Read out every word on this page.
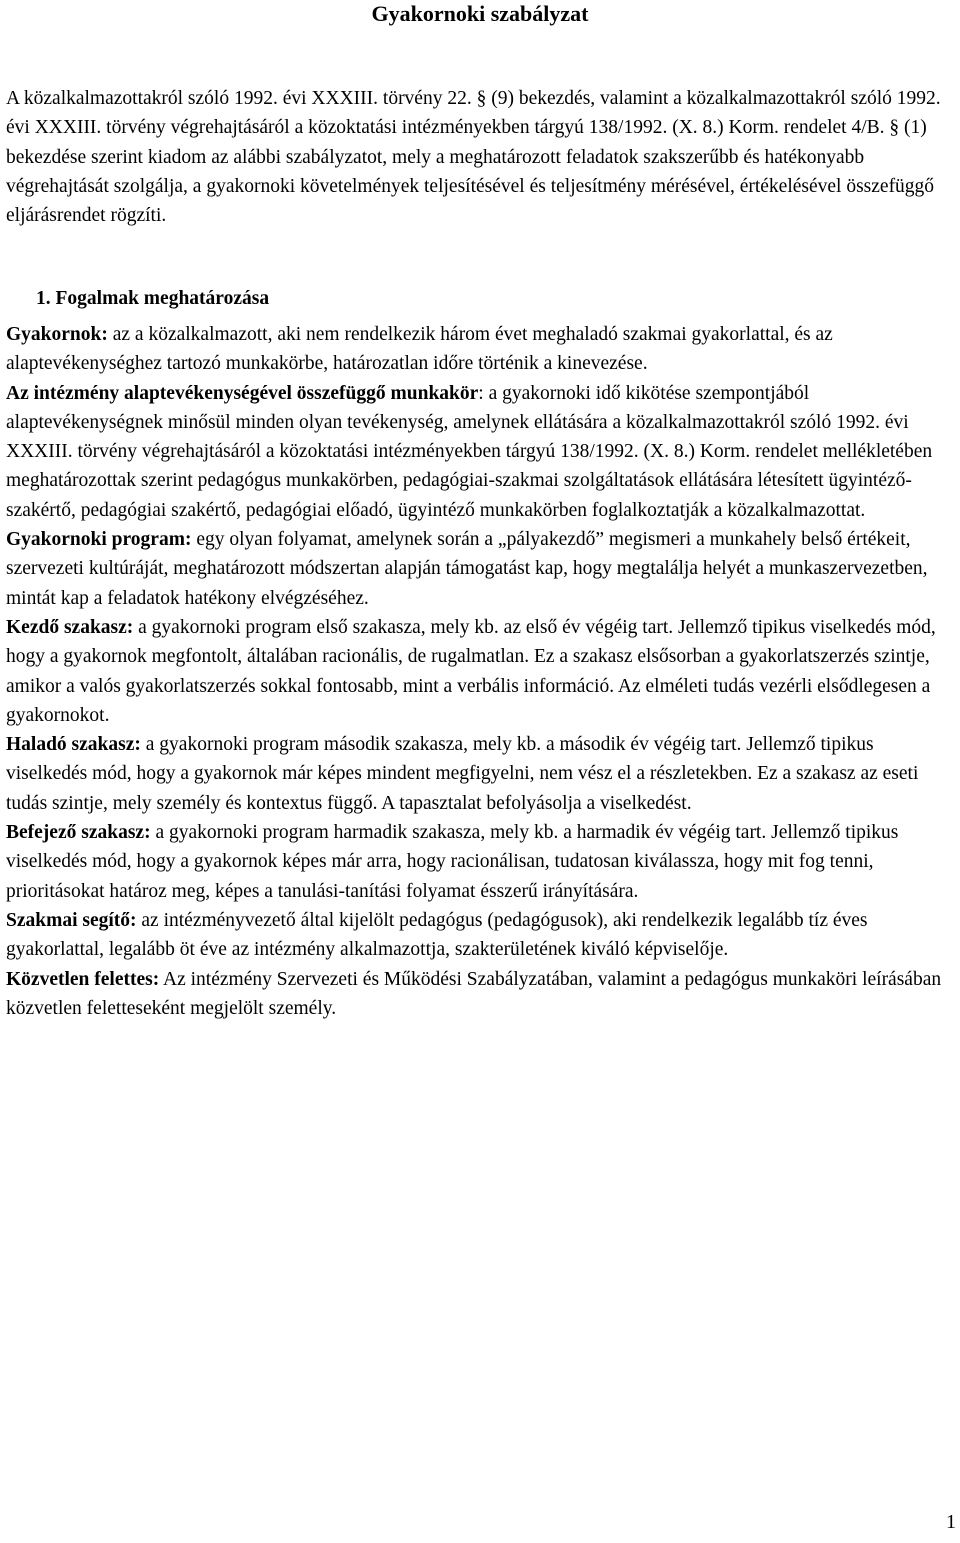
Gyakornoki szabályzat

A közalkalmazottakról szóló 1992. évi XXXIII. törvény 22. § (9) bekezdés, valamint a közalkalmazottakról szóló 1992. évi XXXIII. törvény végrehajtásáról a közoktatási intézményekben tárgyú 138/1992. (X. 8.) Korm. rendelet 4/B. § (1) bekezdése szerint kiadom az alábbi szabályzatot, mely a meghatározott feladatok szakszerűbb és hatékonyabb végrehajtását szolgálja, a gyakornoki követelmények teljesítésével és teljesítmény mérésével, értékelésével összefüggő eljárásrendet rögzíti.

1. Fogalmak meghatározása

Gyakornok: az a közalkalmazott, aki nem rendelkezik három évet meghaladó szakmai gyakorlattal, és az alaptevékenységhez tartozó munkakörbe, határozatlan időre történik a kinevezése.

Az intézmény alaptevékenységével összefüggő munkakör: a gyakornoki idő kikötése szempontjából alaptevékenységnek minősül minden olyan tevékenység, amelynek ellátására a közalkalmazottakról szóló 1992. évi XXXIII. törvény végrehajtásáról a közoktatási intézményekben tárgyú 138/1992. (X. 8.) Korm. rendelet mellékletében meghatározottak szerint pedagógus munkakörben, pedagógiai-szakmai szolgáltatások ellátására létesített ügyintéző-szakértő, pedagógiai szakértő, pedagógiai előadó, ügyintéző munkakörben foglalkoztatják a közalkalmazottat.

Gyakornoki program: egy olyan folyamat, amelynek során a „pályakezdő” megismeri a munkahely belső értékeit, szervezeti kultúráját, meghatározott módszertan alapján támogatást kap, hogy megtalálja helyét a munkaszervezetben, mintát kap a feladatok hatékony elvégzéséhez.

Kezdő szakasz: a gyakornoki program első szakasza, mely kb. az első év végéig tart. Jellemző tipikus viselkedés mód, hogy a gyakornok megfontolt, általában racionális, de rugalmatlan. Ez a szakasz elsősorban a gyakorlatszerzés szintje, amikor a valós gyakorlatszerzés sokkal fontosabb, mint a verbális információ. Az elméleti tudás vezérli elsődlegesen a gyakornokot.

Haladó szakasz: a gyakornoki program második szakasza, mely kb. a második év végéig tart. Jellemző tipikus viselkedés mód, hogy a gyakornok már képes mindent megfigyelni, nem vész el a részletekben. Ez a szakasz az eseti tudás szintje, mely személy és kontextus függő. A tapasztalat befolyásolja a viselkedést.

Befejező szakasz: a gyakornoki program harmadik szakasza, mely kb. a harmadik év végéig tart. Jellemző tipikus viselkedés mód, hogy a gyakornok képes már arra, hogy racionálisan, tudatosan kiválassza, hogy mit fog tenni, prioritásokat határoz meg, képes a tanulási-tanítási folyamat ésszerű irányítására.

Szakmai segítő: az intézményvezető által kijelölt pedagógus (pedagógusok), aki rendelkezik legalább tíz éves gyakorlattal, legalább öt éve az intézmény alkalmazottja, szakterületének kiváló képviselője.

Közvetlen felettes: Az intézmény Szervezeti és Működési Szabályzatában, valamint a pedagógus munkaköri leírásában közvetlen feletteseként megjelölt személy.

1
